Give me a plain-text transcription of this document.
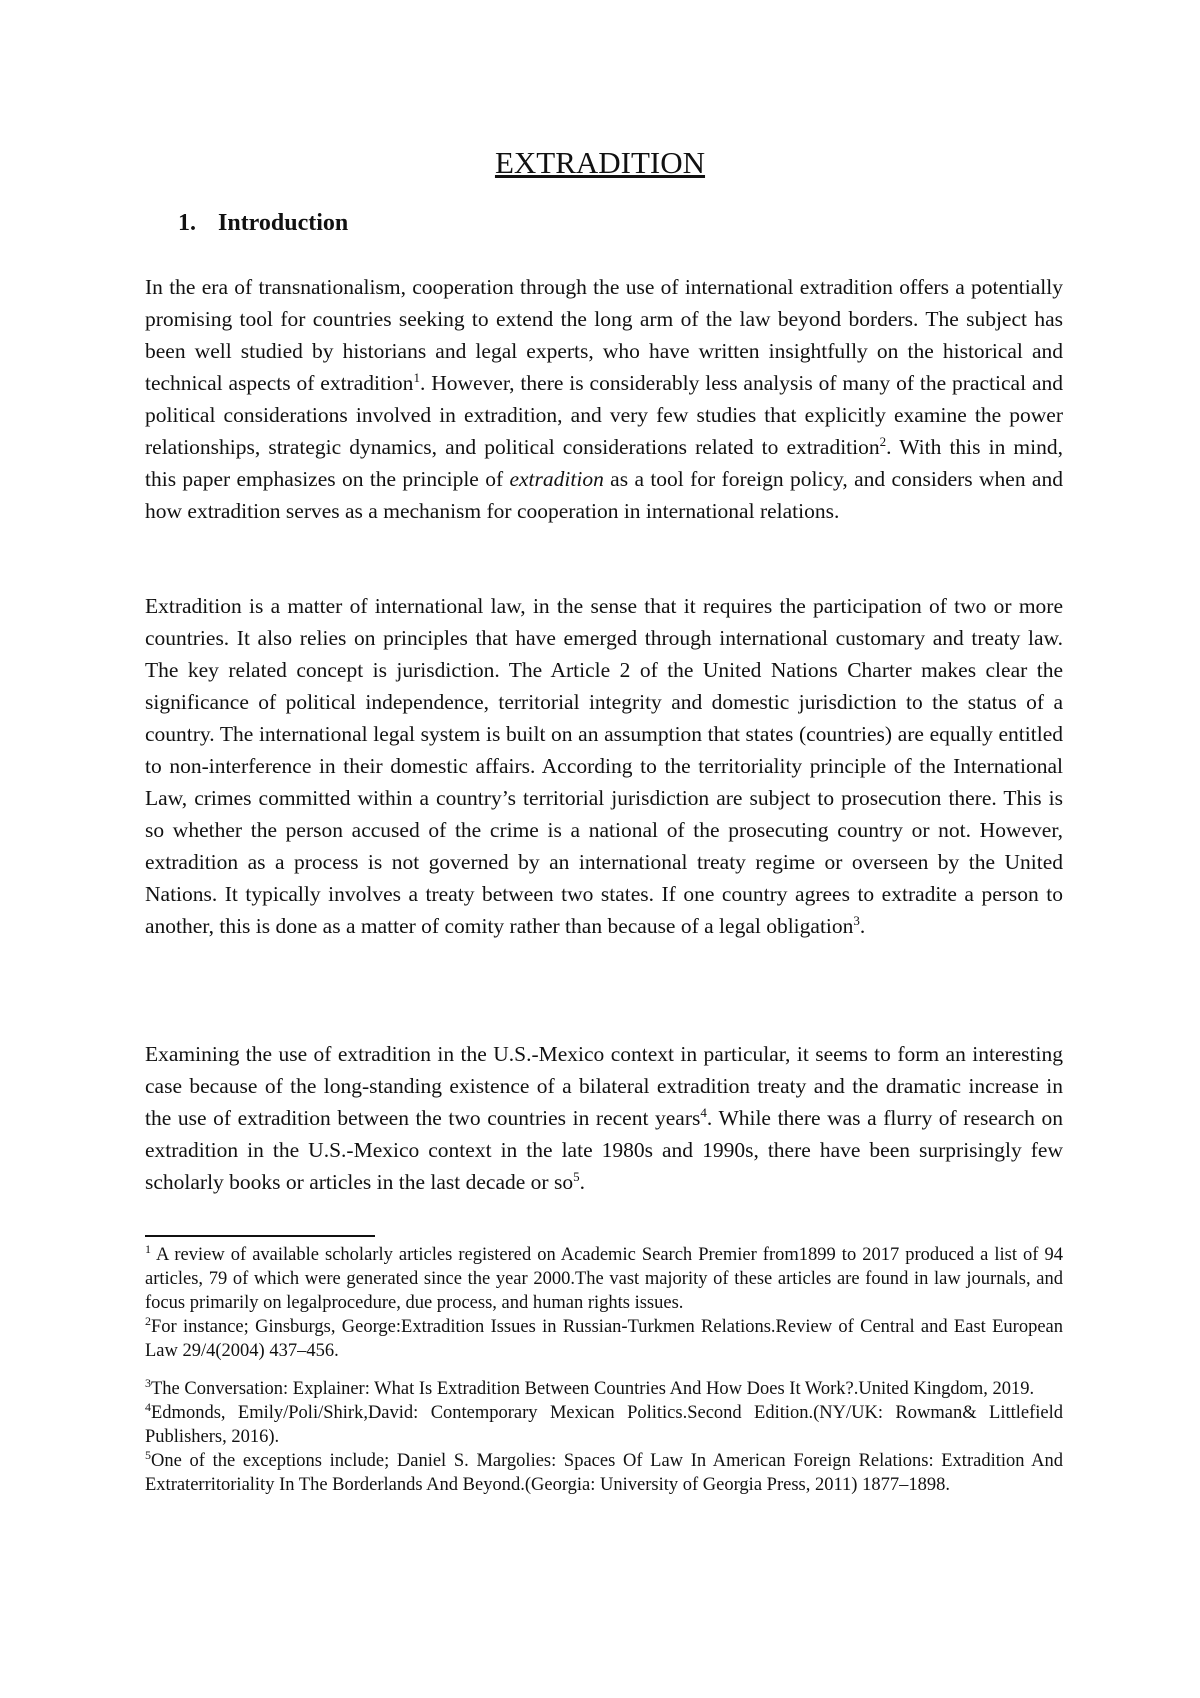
EXTRADITION
1. Introduction

In the era of transnationalism, cooperation through the use of international extradition offers a potentially promising tool for countries seeking to extend the long arm of the law beyond borders. The subject has been well studied by historians and legal experts, who have written insightfully on the historical and technical aspects of extradition$^1$. However, there is considerably less analysis of many of the practical and political considerations involved in extradition, and very few studies that explicitly examine the power relationships, strategic dynamics, and political considerations related to extradition$^2$. With this in mind, this paper emphasizes on the principle of extradition as a tool for foreign policy, and considers when and how extradition serves as a mechanism for cooperation in international relations.

Extradition is a matter of international law, in the sense that it requires the participation of two or more countries. It also relies on principles that have emerged through international customary and treaty law. The key related concept is jurisdiction. The Article 2 of the United Nations Charter makes clear the significance of political independence, territorial integrity and domestic jurisdiction to the status of a country. The international legal system is built on an assumption that states (countries) are equally entitled to non-interference in their domestic affairs. According to the territoriality principle of the International Law, crimes committed within a country’s territorial jurisdiction are subject to prosecution there. This is so whether the person accused of the crime is a national of the prosecuting country or not. However, extradition as a process is not governed by an international treaty regime or overseen by the United Nations. It typically involves a treaty between two states. If one country agrees to extradite a person to another, this is done as a matter of comity rather than because of a legal obligation$^3$.

Examining the use of extradition in the U.S.-Mexico context in particular, it seems to form an interesting case because of the long-standing existence of a bilateral extradition treaty and the dramatic increase in the use of extradition between the two countries in recent years$^4$. While there was a flurry of research on extradition in the U.S.-Mexico context in the late 1980s and 1990s, there have been surprisingly few scholarly books or articles in the last decade or $so^5$.

$^1$ A review of available scholarly articles registered on Academic Search Premier from1899 to 2017 produced a list of 94 articles, 79 of which were generated since the year 2000.The vast majority of these articles are found in law journals, and focus primarily on legalprocedure, due process, and human rights issues.

$^2$For instance; Ginsburgs, George:Extradition Issues in Russian-Turkmen Relations.Review of Central and East European Law 29/4(2004) 437–456.

$^3$The Conversation: Explainer: What Is Extradition Between Countries And How Does It Work?.United Kingdom, 2019.

$^4$Edmonds, Emily/Poli/Shirk,David: Contemporary Mexican Politics.Second Edition.(NY/UK: Rowman& Littlefield Publishers, 2016).

$^5$One of the exceptions include; Daniel S. Margolies: Spaces Of Law In American Foreign Relations: Extradition And Extraterritoriality In The Borderlands And Beyond.(Georgia: University of Georgia Press, 2011) 1877–1898.
